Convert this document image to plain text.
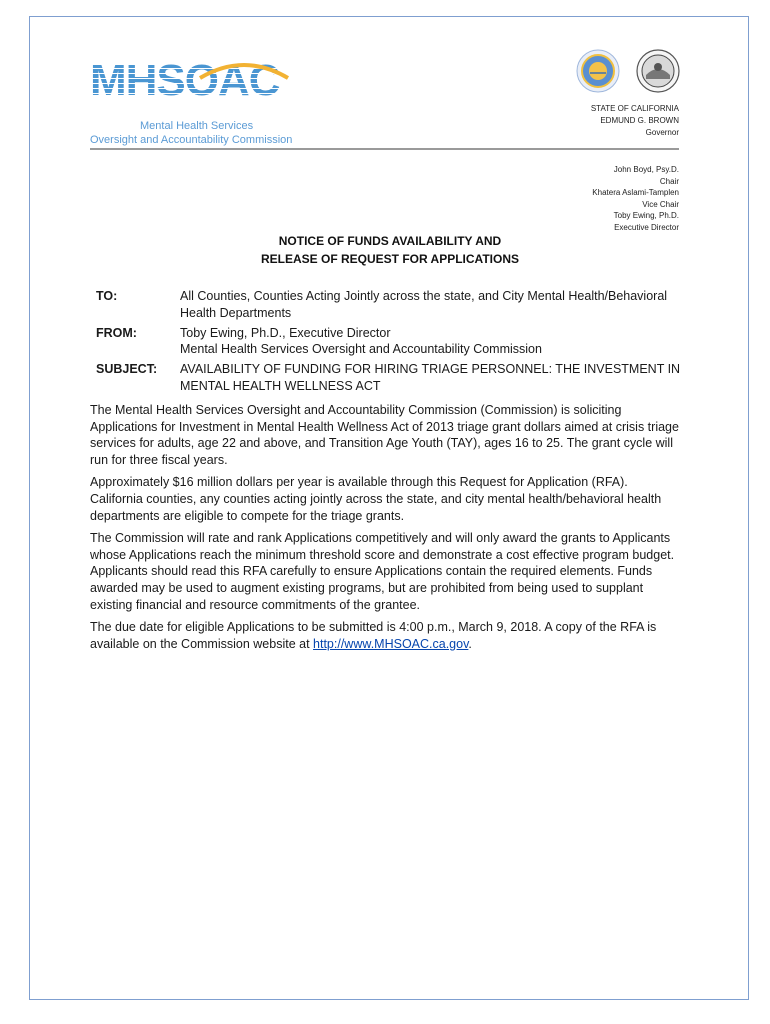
MHSOAC
Mental Health Services
Oversight and Accountability Commission
STATE OF CALIFORNIA
EDMUND G. BROWN
Governor
John Boyd, Psy.D.
Chair
Khatera Aslami-Tamplen
Vice Chair
Toby Ewing, Ph.D.
Executive Director
NOTICE OF FUNDS AVAILABILITY AND
RELEASE OF REQUEST FOR APPLICATIONS
TO:	All Counties, Counties Acting Jointly across the state, and City Mental Health/Behavioral Health Departments
FROM:	Toby Ewing, Ph.D., Executive Director
Mental Health Services Oversight and Accountability Commission
SUBJECT:	AVAILABILITY OF FUNDING FOR HIRING TRIAGE PERSONNEL: THE INVESTMENT IN MENTAL HEALTH WELLNESS ACT

The Mental Health Services Oversight and Accountability Commission (Commission) is soliciting Applications for Investment in Mental Health Wellness Act of 2013 triage grant dollars aimed at crisis triage services for adults, age 22 and above, and Transition Age Youth (TAY), ages 16 to 25. The grant cycle will run for three fiscal years.

Approximately $16 million dollars per year is available through this Request for Application (RFA). California counties, any counties acting jointly across the state, and city mental health/behavioral health departments are eligible to compete for the triage grants.

The Commission will rate and rank Applications competitively and will only award the grants to Applicants whose Applications reach the minimum threshold score and demonstrate a cost effective program budget. Applicants should read this RFA carefully to ensure Applications contain the required elements. Funds awarded may be used to augment existing programs, but are prohibited from being used to supplant existing financial and resource commitments of the grantee.

The due date for eligible Applications to be submitted is 4:00 p.m., March 9, 2018. A copy of the RFA is available on the Commission website at http://www.MHSOAC.ca.gov.
